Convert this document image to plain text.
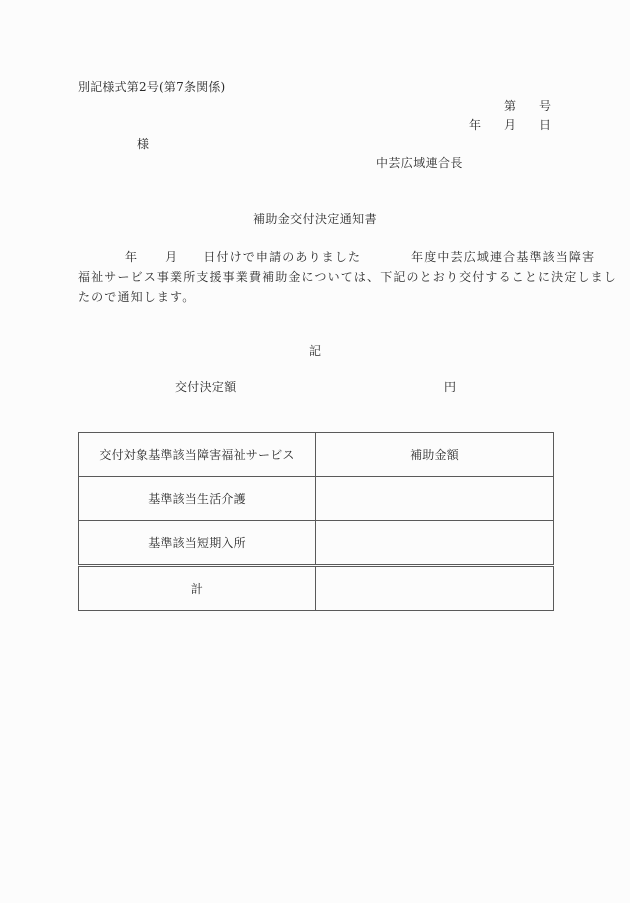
別記様式第2号(第7条関係)
第 号
年 月 日
様
中芸広域連合長
補助金交付決定通知書
年 月 日付けで申請のありました	年度中芸広域連合基準該当障害
福祉サービス事業所支援事業費補助金については、下記のとおり交付することに決定しまし
たので通知します。
記
交付決定額	円
交付対象基準該当障害福祉サービス	補助金額
基準該当生活介護	
基準該当短期入所	
計	
